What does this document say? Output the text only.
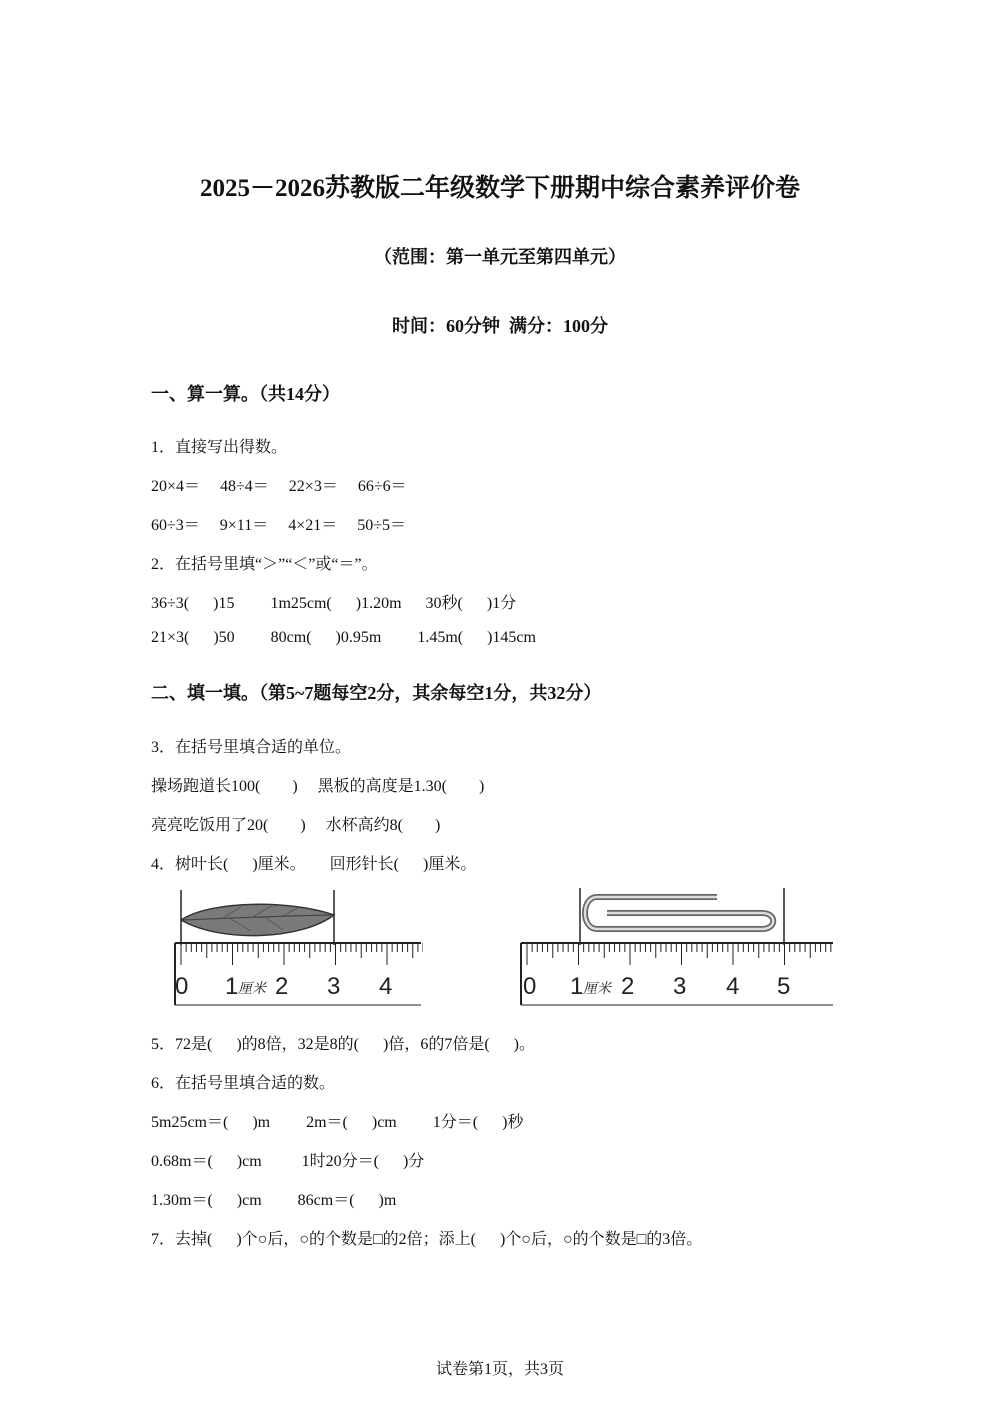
2025－2026苏教版二年级数学下册期中综合素养评价卷
（范围：第一单元至第四单元）
时间：60分钟  满分：100分
一、算一算。（共14分）
1．直接写出得数。
20×4＝     48÷4＝     22×3＝     66÷6＝
60÷3＝     9×11＝     4×21＝     50÷5＝
2．在括号里填“＞”“＜”或“＝”。
36÷3(      )15         1m25cm(      )1.20m      30秒(      )1分
21×3(      )50         80cm(      )0.95m         1.45m(      )145cm
二、填一填。（第5~7题每空2分，其余每空1分，共32分）
3．在括号里填合适的单位。
操场跑道长100(        )     黑板的高度是1.30(        )
亮亮吃饭用了20(        )     水杯高约8(        )
4．树叶长(      )厘米。      回形针长(      )厘米。
0 1 厘米 2 3 4	0 1 厘米 2 3 4 5
5．72是(      )的8倍，32是8的(      )倍，6的7倍是(      )。
6．在括号里填合适的数。
5m25cm＝(      )m         2m＝(      )cm         1分＝(      )秒
0.68m＝(      )cm          1时20分＝(      )分
1.30m＝(      )cm         86cm＝(      )m
7．去掉(      )个○后，○的个数是□的2倍；添上(      )个○后，○的个数是□的3倍。
试卷第1页，共3页
